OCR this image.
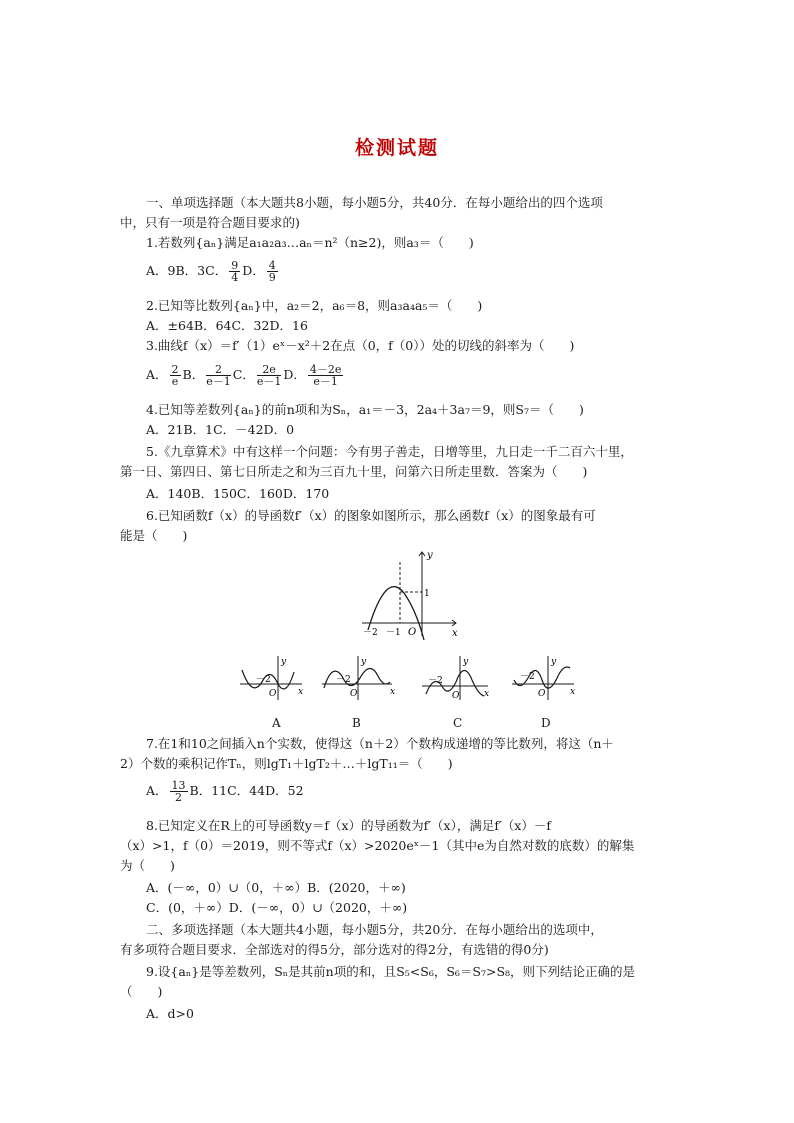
检测试题
一、单项选择题（本大题共8小题，每小题5分，共40分．在每小题给出的四个选项
中，只有一项是符合题目要求的)
1.若数列{aₙ}满足a₁a₂a₃…aₙ＝n²（n≥2)，则a₃＝（　　)
A．9B．3C． $\frac{9}{4}$ D． $\frac{4}{9}$
2.已知等比数列{aₙ}中，a₂＝2，a₆＝8，则a₃a₄a₅＝（　　)
A．±64B．64C．32D．16
3.曲线f（x）＝f′（1）eˣ－x²＋2在点（0，f（0））处的切线的斜率为（　　)
A． $\frac{2}{e}$ B． $\frac{2}{e-1}$ C． $\frac{2e}{e-1}$ D． $\frac{4-2e}{e-1}$
4.已知等差数列{aₙ}的前n项和为Sₙ，a₁＝－3，2a₄＋3a₇＝9，则S₇＝（　　)
A．21B．1C．－42D．0
5.《九章算术》中有这样一个问题：今有男子善走，日增等里，九日走一千二百六十里，
第一日、第四日、第七日所走之和为三百九十里，问第六日所走里数．答案为（　　)
A．140B．150C．160D．170
6.已知函数f（x）的导函数f′（x）的图象如图所示，那么函数f（x）的图象最有可
能是（　　)
y
x
O
－2 －1
1
－2
O x
y
－2
O	x
y
－2
O	x
y
－2
O	x
y
A	B	C	D
7.在1和10之间插入n个实数，使得这（n＋2）个数构成递增的等比数列，将这（n＋
2）个数的乘积记作Tₙ，则lgT₁＋lgT₂＋…＋lgT₁₁＝（　　)
A． $\frac{13}{2}$ B．11C．44D．52
8.已知定义在R上的可导函数y＝f（x）的导函数为f′（x），满足f′（x）－f
（x）>1，f（0）＝2019，则不等式f（x）>2020eˣ－1（其中e为自然对数的底数）的解集
为（　　)
A．(－∞，0）∪（0，＋∞）B．(2020，＋∞)
C．(0，＋∞）D．(－∞，0）∪（2020，＋∞)
二、多项选择题（本大题共4小题，每小题5分，共20分．在每小题给出的选项中，
有多项符合题目要求．全部选对的得5分，部分选对的得2分，有选错的得0分)
9.设{aₙ}是等差数列，Sₙ是其前n项的和，且S₅<S₆，S₆＝S₇>S₈，则下列结论正确的是
（　　)
A．d>0
